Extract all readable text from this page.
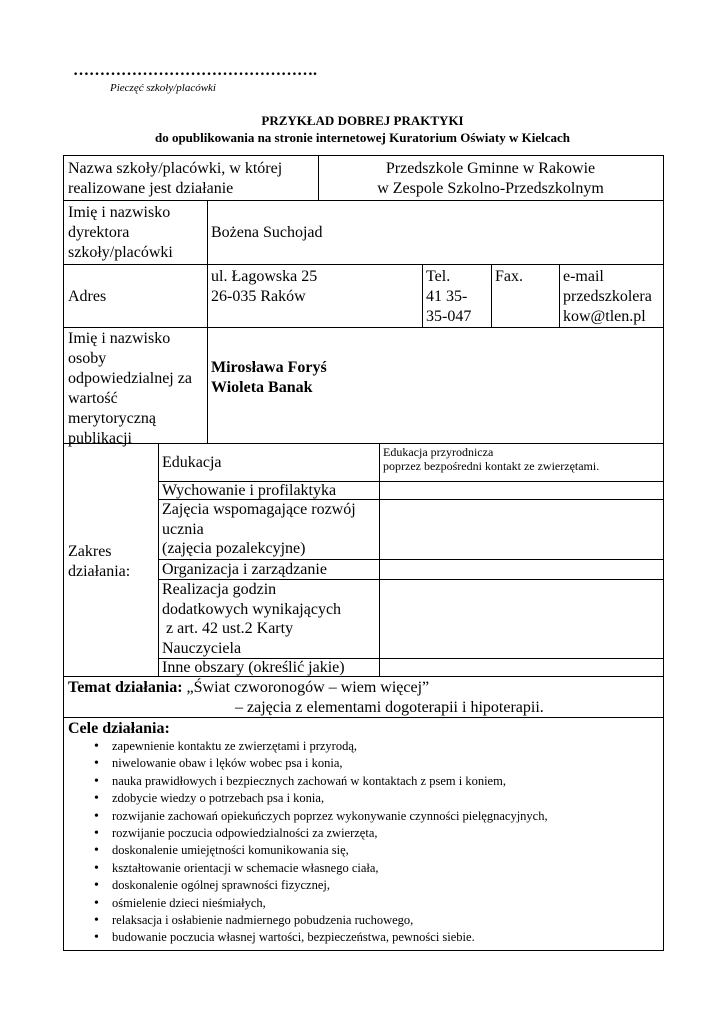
……………………………………….
Pieczęć szkoły/placówki
PRZYKŁAD DOBREJ PRAKTYKI
do opublikowania na stronie internetowej Kuratorium Oświaty w Kielcach
Nazwa szkoły/placówki, w której
realizowane jest działanie
Przedszkole Gminne w Rakowie
w Zespole Szkolno-Przedszkolnym
Imię i nazwisko
dyrektora
szkoły/placówki
Bożena Suchojad
Adres
ul. Łagowska 25
26-035 Raków
Tel.
41 35-
35-047
Fax.	e-mail
przedszkolera
kow@tlen.pl
Imię i nazwisko
osoby
odpowiedzialnej za
wartość
merytoryczną
publikacji
Mirosława Foryś
Wioleta Banak
Zakres
działania:
Edukacja
Edukacja przyrodnicza
poprzez bezpośredni kontakt ze zwierzętami.
Wychowanie i profilaktyka
Zajęcia wspomagające rozwój
ucznia
(zajęcia pozalekcyjne)
Organizacja i zarządzanie
Realizacja godzin
dodatkowych wynikających
z art. 42 ust.2 Karty
Nauczyciela
Inne obszary (określić jakie)
Temat działania: „Świat czworonogów – wiem więcej”
– zajęcia z elementami dogoterapii i hipoterapii.
Cele działania:
• zapewnienie kontaktu ze zwierzętami i przyrodą,
• niwelowanie obaw i lęków wobec psa i konia,
• nauka prawidłowych i bezpiecznych zachowań w kontaktach z psem i koniem,
• zdobycie wiedzy o potrzebach psa i konia,
• rozwijanie zachowań opiekuńczych poprzez wykonywanie czynności pielęgnacyjnych,
• rozwijanie poczucia odpowiedzialności za zwierzęta,
• doskonalenie umiejętności komunikowania się,
• kształtowanie orientacji w schemacie własnego ciała,
• doskonalenie ogólnej sprawności fizycznej,
• ośmielenie dzieci nieśmiałych,
• relaksacja i osłabienie nadmiernego pobudzenia ruchowego,
• budowanie poczucia własnej wartości, bezpieczeństwa, pewności siebie.
